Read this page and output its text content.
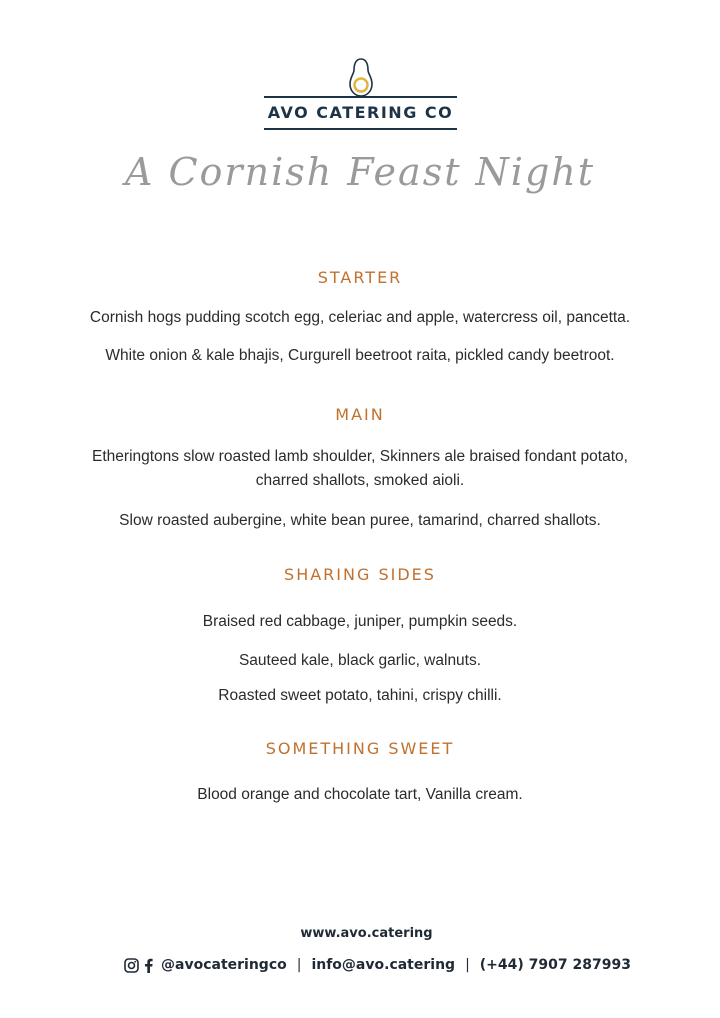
AVO CATERING CO
A Cornish Feast Night
STARTER
Cornish hogs pudding scotch egg, celeriac and apple, watercress oil, pancetta.
White onion & kale bhajis, Curgurell beetroot raita, pickled candy beetroot.
MAIN
Etheringtons slow roasted lamb shoulder, Skinners ale braised fondant potato, charred shallots, smoked aioli.
Slow roasted aubergine, white bean puree, tamarind, charred shallots.
SHARING SIDES
Braised red cabbage, juniper, pumpkin seeds.
Sauteed kale, black garlic, walnuts.
Roasted sweet potato, tahini, crispy chilli.
SOMETHING SWEET
Blood orange and chocolate tart, Vanilla cream.
www.avo.catering
@avocateringco | info@avo.catering | (+44) 7907 287993
